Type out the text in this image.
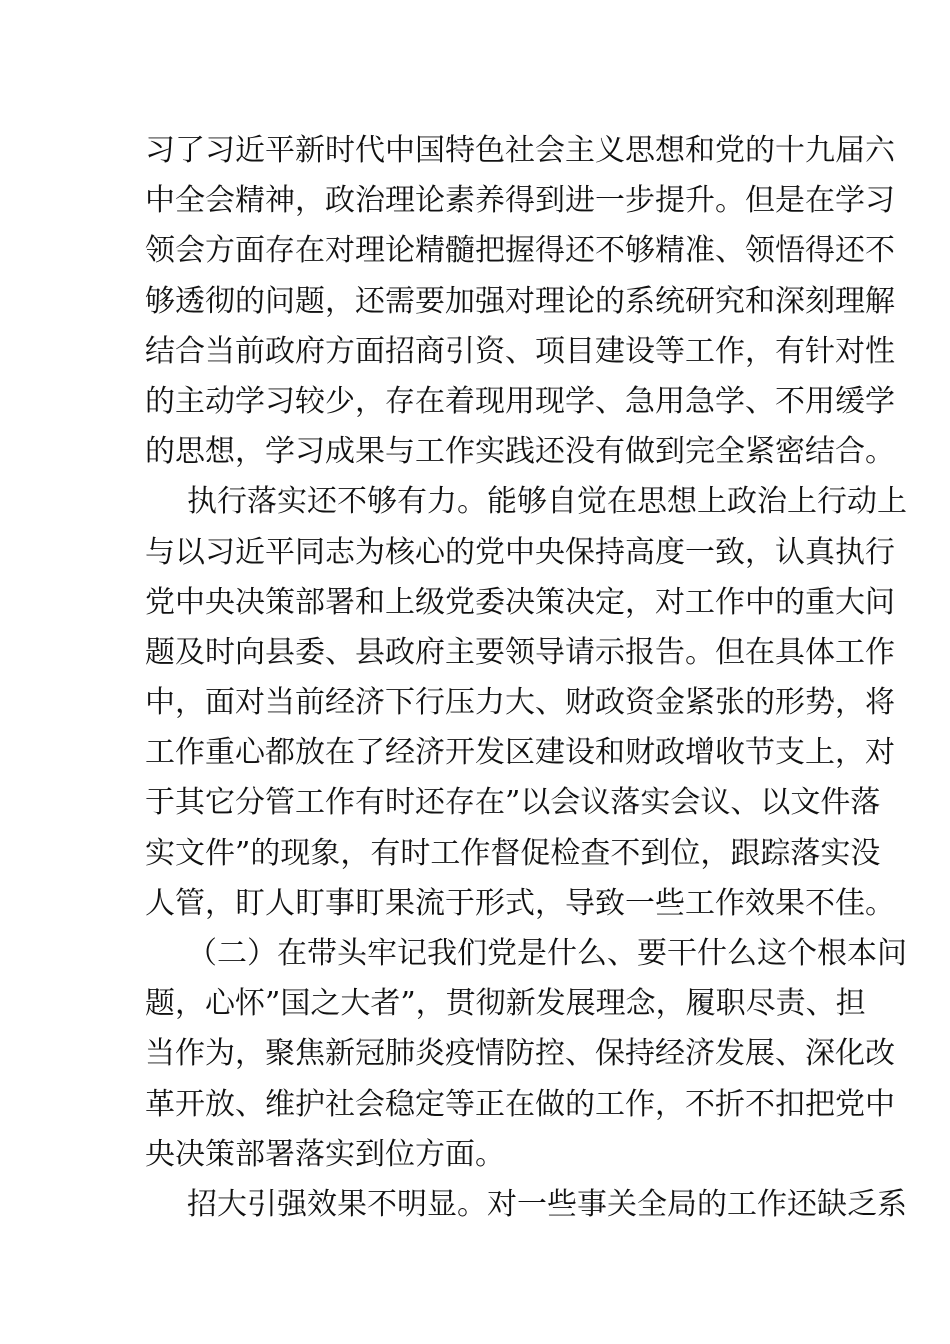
习了习近平新时代中国特色社会主义思想和党的十九届六
中全会精神，政治理论素养得到进一步提升。但是在学习
领会方面存在对理论精髓把握得还不够精准、领悟得还不
够透彻的问题，还需要加强对理论的系统研究和深刻理解
结合当前政府方面招商引资、项目建设等工作，有针对性
的主动学习较少，存在着现用现学、急用急学、不用缓学
的思想，学习成果与工作实践还没有做到完全紧密结合。
执行落实还不够有力。能够自觉在思想上政治上行动上
与以习近平同志为核心的党中央保持高度一致，认真执行
党中央决策部署和上级党委决策决定，对工作中的重大问
题及时向县委、县政府主要领导请示报告。但在具体工作
中，面对当前经济下行压力大、财政资金紧张的形势，将
工作重心都放在了经济开发区建设和财政增收节支上，对
于其它分管工作有时还存在”以会议落实会议、以文件落
实文件”的现象，有时工作督促检查不到位，跟踪落实没
人管，盯人盯事盯果流于形式，导致一些工作效果不佳。
（二）在带头牢记我们党是什么、要干什么这个根本问
题，心怀”国之大者”，贯彻新发展理念，履职尽责、担
当作为，聚焦新冠肺炎疫情防控、保持经济发展、深化改
革开放、维护社会稳定等正在做的工作，不折不扣把党中
央决策部署落实到位方面。
招大引强效果不明显。对一些事关全局的工作还缺乏系
